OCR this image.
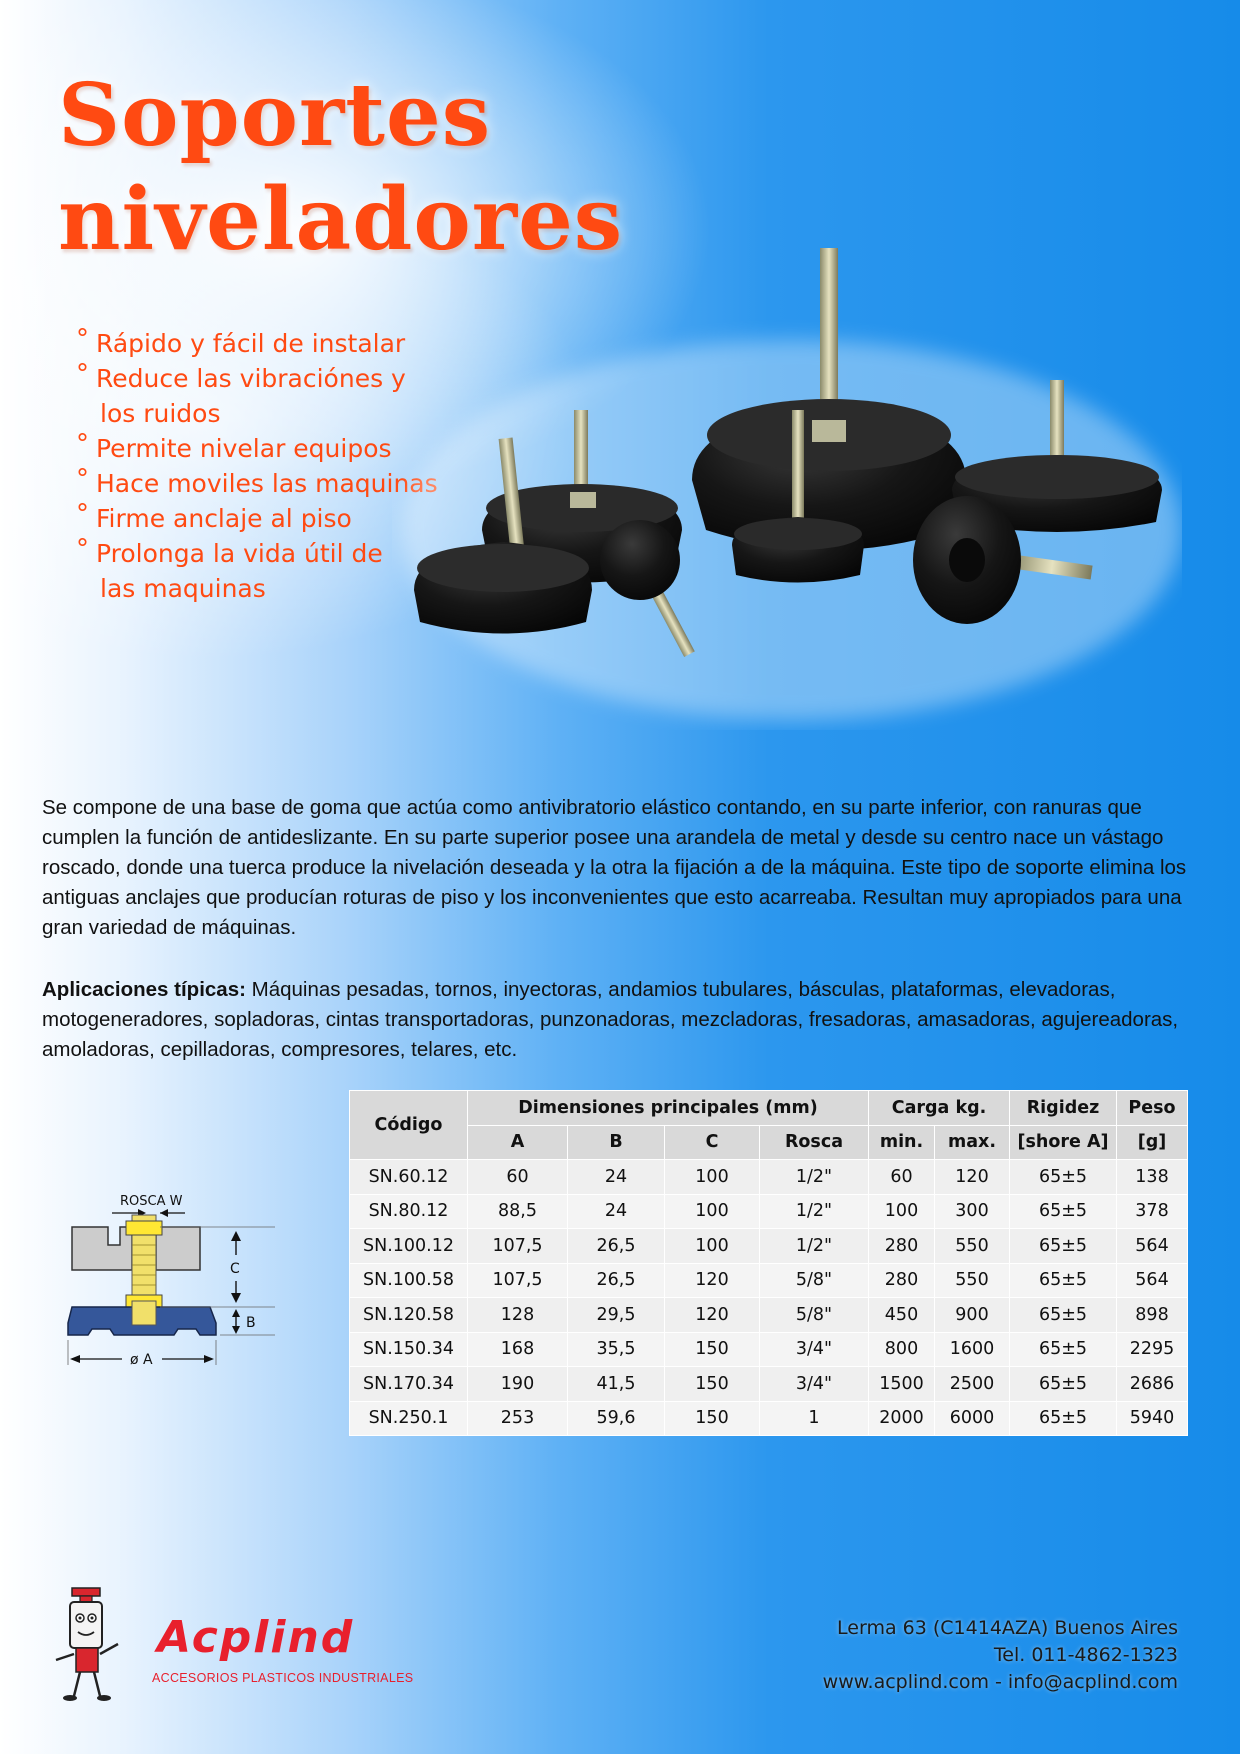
Soportes
niveladores
° Rápido y fácil de instalar
° Reduce las vibraciónes y
los ruidos
° Permite nivelar equipos
° Hace moviles las maquinas
° Firme anclaje al piso
° Prolonga la vida útil de
las maquinas

Se compone de una base de goma que actúa como antivibratorio elástico contando, en su parte inferior, con ranuras que cumplen la función de antideslizante. En su parte superior posee una arandela de metal y desde su centro nace un vástago roscado, donde una tuerca produce la nivelación deseada y la otra la fijación a de la máquina. Este tipo de soporte elimina los antiguas anclajes que producían roturas de piso y los inconvenientes que esto acarreaba. Resultan muy apropiados para una gran variedad de máquinas.

Aplicaciones típicas: Máquinas pesadas, tornos, inyectoras, andamios tubulares, básculas, plataformas, elevadoras, motogeneradores, sopladoras, cintas transportadoras, punzonadoras, mezcladoras, fresadoras, amasadoras, agujereadoras, amoladoras, cepilladoras, compresores, telares, etc.

ROSCA W
C
B
ø A
Código	Dimensiones principales (mm)				Carga kg.		Rigidez	Peso
	A	B	C	Rosca	min.	max.	[shore A]	[g]
SN.60.12	60	24	100	1/2"	60	120	65±5	138
SN.80.12	88,5	24	100	1/2"	100	300	65±5	378
SN.100.12	107,5	26,5	100	1/2"	280	550	65±5	564
SN.100.58	107,5	26,5	120	5/8"	280	550	65±5	564
SN.120.58	128	29,5	120	5/8"	450	900	65±5	898
SN.150.34	168	35,5	150	3/4"	800	1600	65±5	2295
SN.170.34	190	41,5	150	3/4"	1500	2500	65±5	2686
SN.250.1	253	59,6	150	1	2000	6000	65±5	5940

Acplind

ACCESORIOS PLASTICOS INDUSTRIALES

Lerma 63 (C1414AZA) Buenos Aires
Tel. 011-4862-1323
www.acplind.com - info@acplind.com
